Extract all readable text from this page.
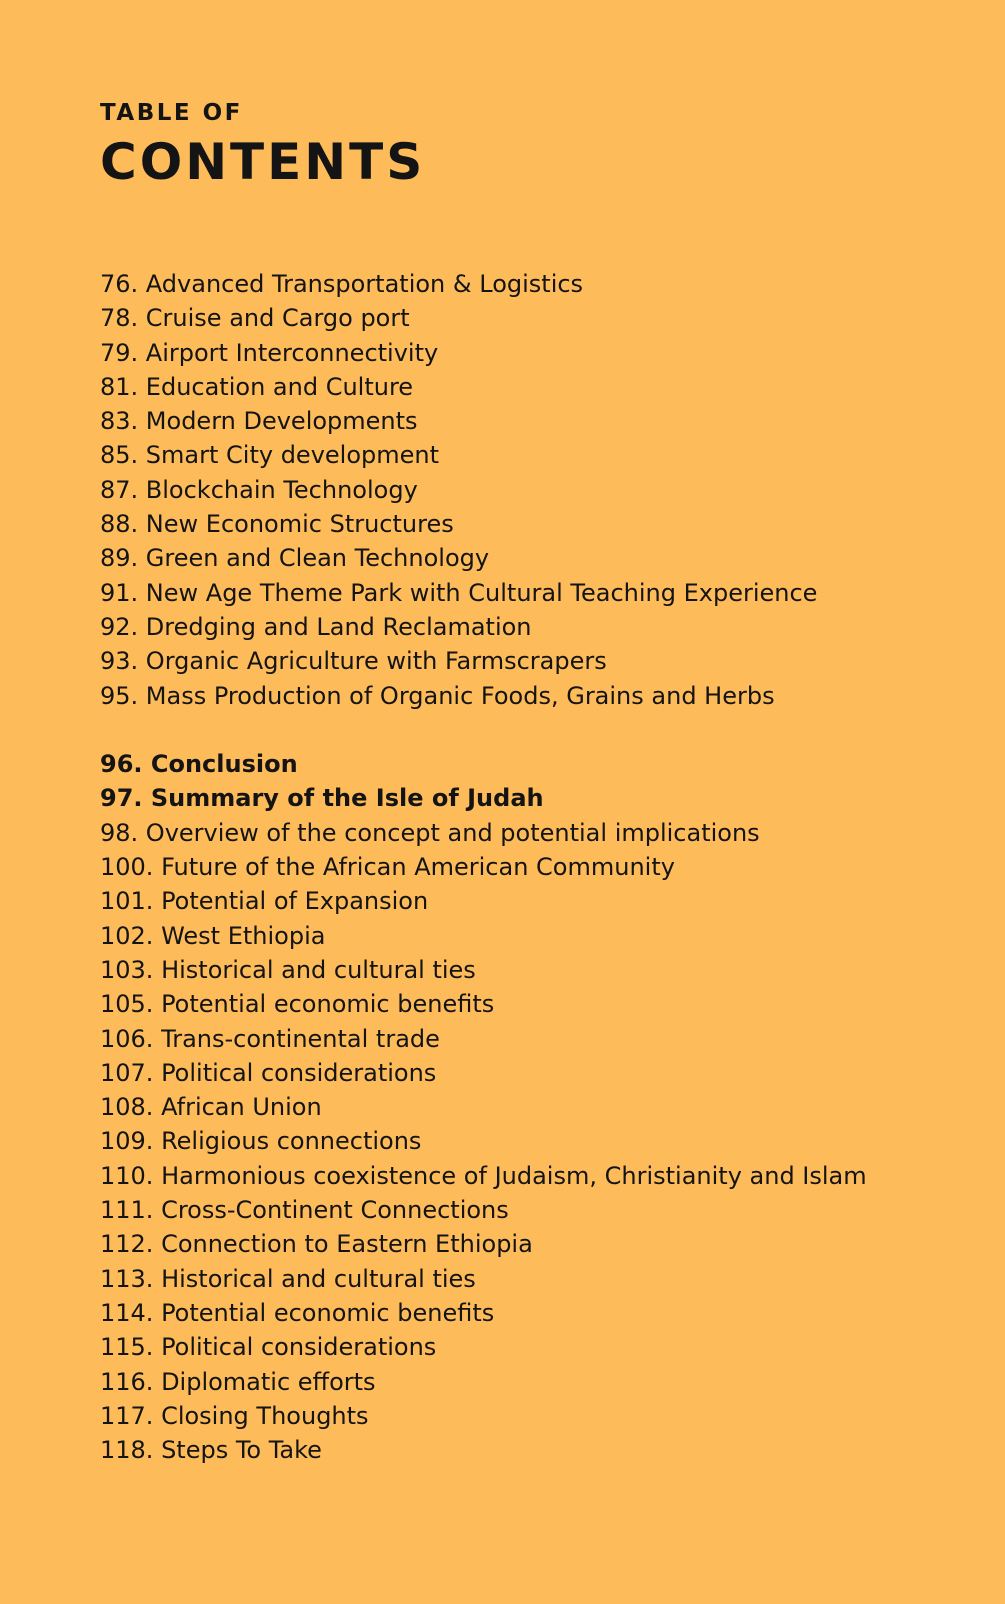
TABLE OF
CONTENTS
76. Advanced Transportation & Logistics
78. Cruise and Cargo port
79. Airport Interconnectivity
81. Education and Culture
83. Modern Developments
85. Smart City development
87. Blockchain Technology
88. New Economic Structures
89. Green and Clean Technology
91. New Age Theme Park with Cultural Teaching Experience
92. Dredging and Land Reclamation
93. Organic Agriculture with Farmscrapers
95. Mass Production of Organic Foods, Grains and Herbs
96. Conclusion
97. Summary of the Isle of Judah
98. Overview of the concept and potential implications
100. Future of the African American Community
101. Potential of Expansion
102. West Ethiopia
103. Historical and cultural ties
105. Potential economic benefits
106. Trans-continental trade
107. Political considerations
108. African Union
109. Religious connections
110. Harmonious coexistence of Judaism, Christianity and Islam
111. Cross-Continent Connections
112. Connection to Eastern Ethiopia
113. Historical and cultural ties
114. Potential economic benefits
115. Political considerations
116. Diplomatic efforts
117. Closing Thoughts
118. Steps To Take
